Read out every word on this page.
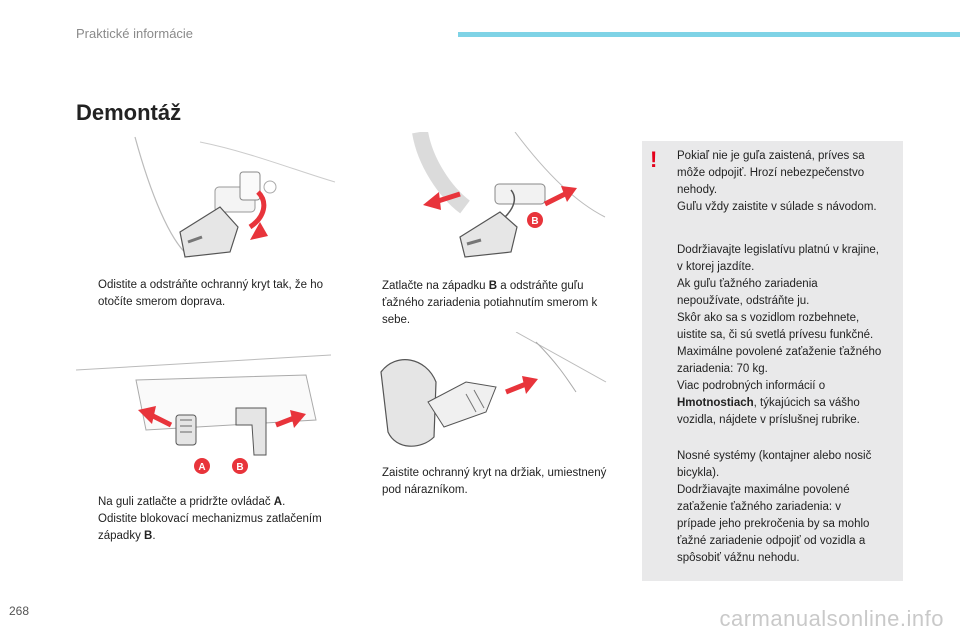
Praktické informácie
Demontáž
B
A	B
Odistite a odstráňte ochranný kryt tak, že ho otočíte smerom doprava.
Zatlačte na západku B a odstráňte guľu ťažného zariadenia potiahnutím smerom k sebe.
Na guli zatlačte a pridržte ovládač A.
Odistite blokovací mechanizmus zatlačením západky B.
Zaistite ochranný kryt na držiak, umiestnený pod nárazníkom.
! Pokiaľ nie je guľa zaistená, príves sa
môže odpojiť. Hrozí nebezpečenstvo
nehody.
Guľu vždy zaistite v súlade s návodom.
Dodržiavajte legislatívu platnú v krajine,
v ktorej jazdíte.
Ak guľu ťažného zariadenia
nepoužívate, odstráňte ju.
Skôr ako sa s vozidlom rozbehnete,
uistite sa, či sú svetlá prívesu funkčné.
Maximálne povolené zaťaženie ťažného
zariadenia: 70 kg.
Viac podrobných informácií o
Hmotnostiach, týkajúcich sa vášho
vozidla, nájdete v príslušnej rubrike.
Nosné systémy (kontajner alebo nosič
bicykla).
Dodržiavajte maximálne povolené
zaťaženie ťažného zariadenia: v
prípade jeho prekročenia by sa mohlo
ťažné zariadenie odpojiť od vozidla a
spôsobiť vážnu nehodu.
268	carmanualsonline.info
